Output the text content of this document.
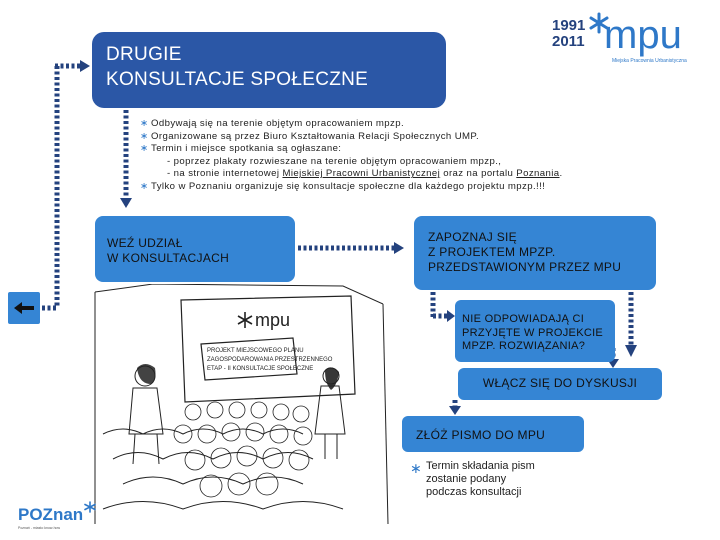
DRUGIE
KONSULTACJE SPOŁECZNE
1991
2011 mpu
Miejska Pracownia Urbanistyczna
∗ Odbywają się na terenie objętym opracowaniem mpzp.
∗ Organizowane są przez Biuro Kształtowania Relacji Społecznych UMP.
∗ Termin i miejsce spotkania są ogłaszane:
- poprzez plakaty rozwieszane na terenie objętym opracowaniem mpzp.,
- na stronie internetowej Miejskiej Pracowni Urbanistycznej oraz na portalu Poznania.
∗ Tylko w Poznaniu organizuje się konsultacje społeczne dla każdego projektu mpzp.!!!
WEŹ UDZIAŁ
W KONSULTACJACH
ZAPOZNAJ SIĘ
Z PROJEKTEM MPZP.
PRZEDSTAWIONYM PRZEZ MPU
NIE ODPOWIADAJĄ CI
PRZYJĘTE W PROJEKCIE
MPZP. ROZWIĄZANIA?
WŁĄCZ SIĘ DO DYSKUSJI
ZŁÓŻ PISMO DO MPU
∗ Termin składania pism
zostanie podany
podczas konsultacji
mpu
PROJEKT MIEJSCOWEGO PLANU
ZAGOSPODAROWANIA PRZESTRZENNEGO
ETAP - II KONSULTACJE SPOŁECZNE
POZnan
Poznań - miasto know-how
